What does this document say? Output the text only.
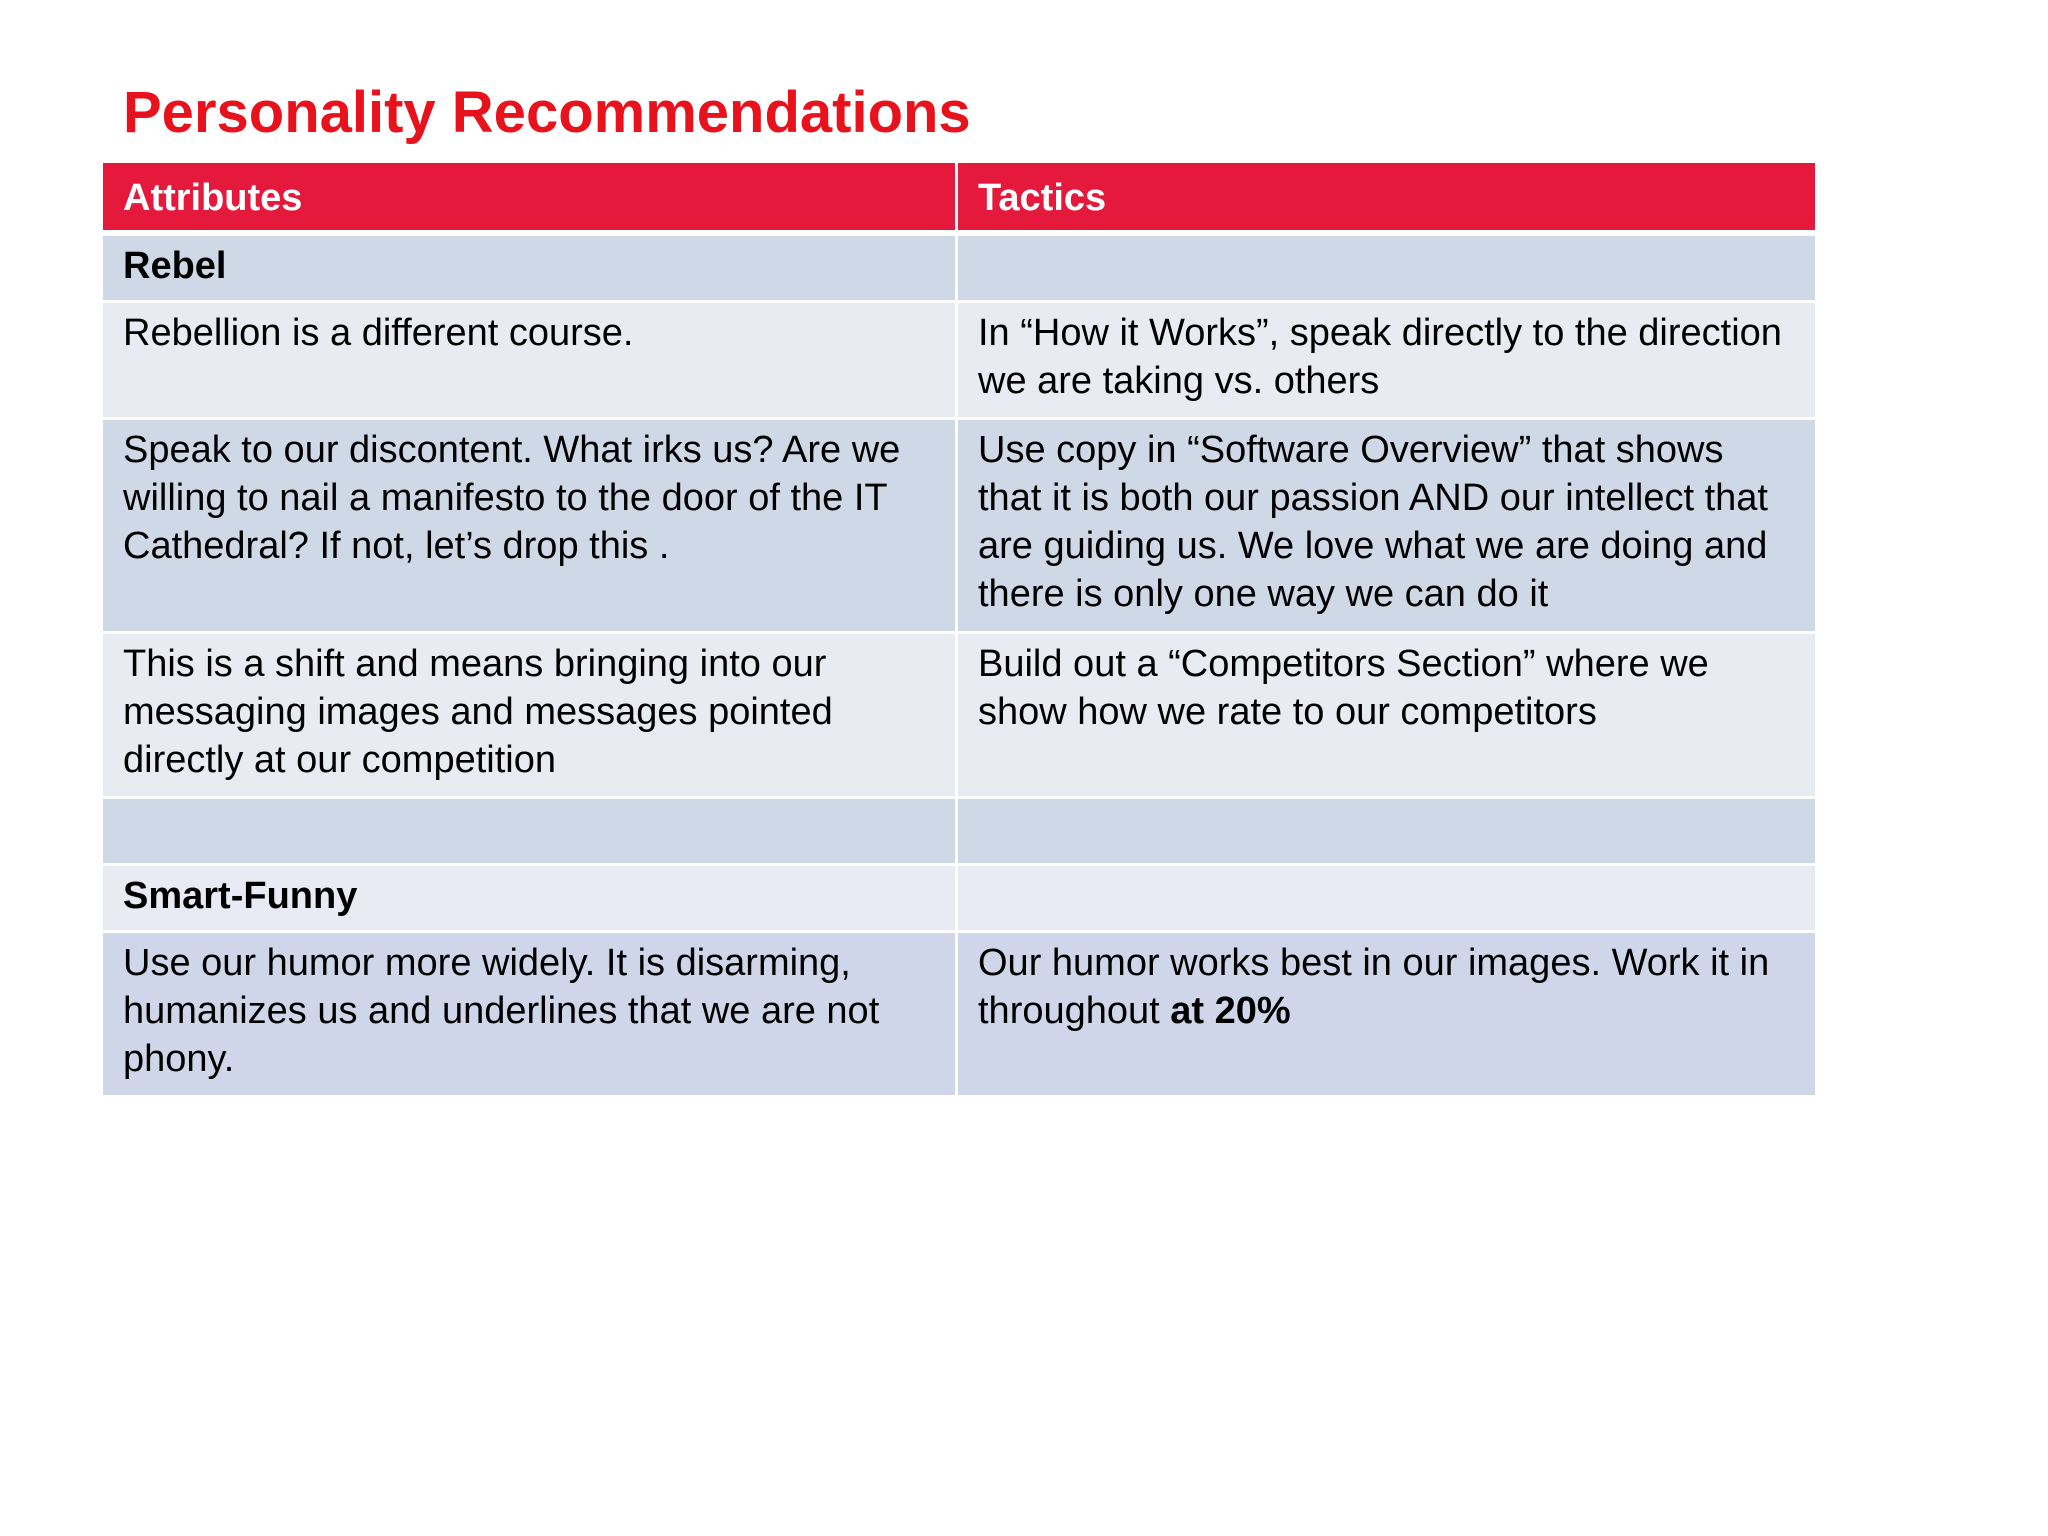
Personality Recommendations
Attributes	Tactics
Rebel	
Rebellion is a different course.	In “How it Works”, speak directly to the direction we are taking vs. others
Speak to our discontent. What irks us? Are we willing to nail a manifesto to the door of the IT Cathedral? If not, let’s drop this .	Use copy in “Software Overview” that shows that it is both our passion AND our intellect that are guiding us. We love what we are doing and there is only one way we can do it
This is a shift and means bringing into our messaging images and messages pointed directly at our competition	Build out a “Competitors Section” where we show how we rate to our competitors

Smart-Funny	
Use our humor more widely. It is disarming, humanizes us and underlines that we are not phony.	Our humor works best in our images. Work it in throughout at 20%
